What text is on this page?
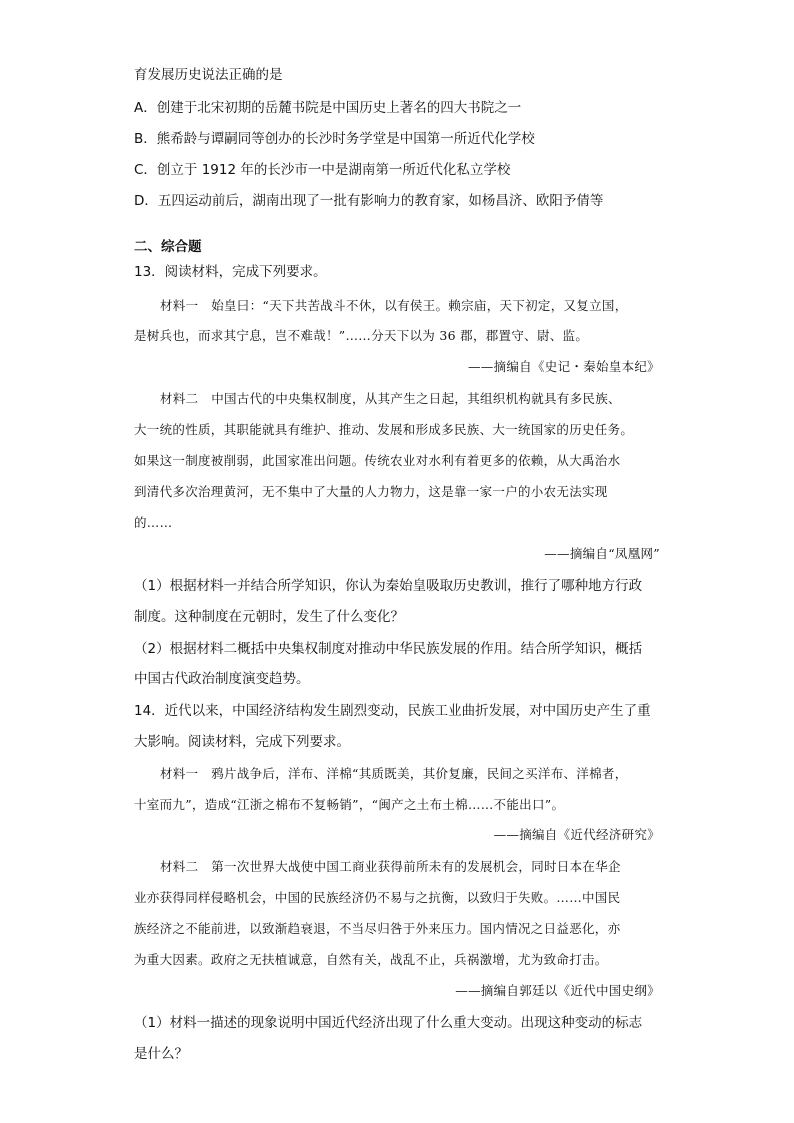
育发展历史说法正确的是
A．创建于北宋初期的岳麓书院是中国历史上著名的四大书院之一
B．熊希龄与谭嗣同等创办的长沙时务学堂是中国第一所近代化学校
C．创立于 1912 年的长沙市一中是湖南第一所近代化私立学校
D．五四运动前后，湖南出现了一批有影响力的教育家，如杨昌济、欧阳予倩等
二、综合题
13．阅读材料，完成下列要求。
材料一　始皇曰：“天下共苦战斗不休，以有侯王。赖宗庙，天下初定，又复立国，
是树兵也，而求其宁息，岂不难哉！”……分天下以为 36 郡，郡置守、尉、监。
——摘编自《史记・秦始皇本纪》
材料二　中国古代的中央集权制度，从其产生之日起，其组织机构就具有多民族、
大一统的性质，其职能就具有维护、推动、发展和形成多民族、大一统国家的历史任务。
如果这一制度被削弱，此国家准出问题。传统农业对水利有着更多的依赖，从大禹治水
到清代多次治理黄河，无不集中了大量的人力物力，这是靠一家一户的小农无法实现
的……
——摘编自“凤凰网”
（1）根据材料一并结合所学知识，你认为秦始皇吸取历史教训，推行了哪种地方行政
制度。这种制度在元朝时，发生了什么变化？
（2）根据材料二概括中央集权制度对推动中华民族发展的作用。结合所学知识，概括
中国古代政治制度演变趋势。
14．近代以来，中国经济结构发生剧烈变动，民族工业曲折发展，对中国历史产生了重
大影响。阅读材料，完成下列要求。
材料一　鸦片战争后，洋布、洋棉“其质既美，其价复廉，民间之买洋布、洋棉者，
十室而九”，造成“江浙之棉布不复畅销”，“闽产之土布土棉……不能出口”。
——摘编自《近代经济研究》
材料二　第一次世界大战使中国工商业获得前所未有的发展机会，同时日本在华企
业亦获得同样侵略机会，中国的民族经济仍不易与之抗衡，以致归于失败。……中国民
族经济之不能前进，以致渐趋衰退，不当尽归咎于外来压力。国内情况之日益恶化，亦
为重大因素。政府之无扶植诚意，自然有关，战乱不止，兵祸激增，尤为致命打击。
——摘编自郭廷以《近代中国史纲》
（1）材料一描述的现象说明中国近代经济出现了什么重大变动。出现这种变动的标志
是什么？
